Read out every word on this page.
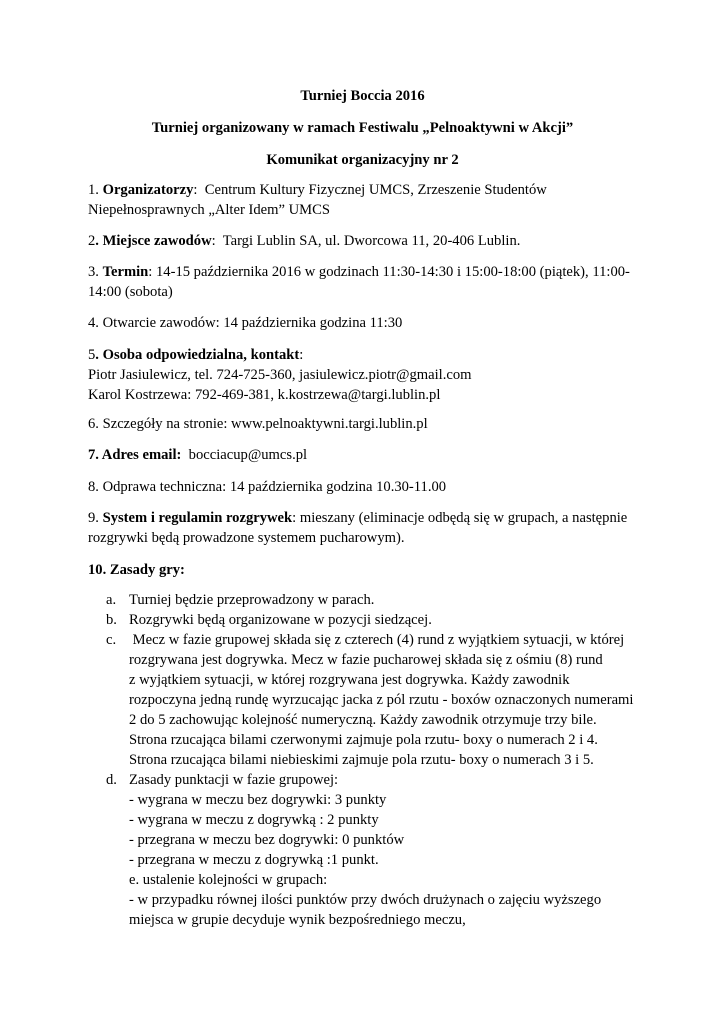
Turniej Boccia 2016
Turniej organizowany w ramach Festiwalu „Pelnoaktywni w Akcji”
Komunikat organizacyjny nr 2

1. Organizatorzy:  Centrum Kultury Fizycznej UMCS, Zrzeszenie Studentów
Niepełnosprawnych „Alter Idem” UMCS

2. Miejsce zawodów:  Targi Lublin SA, ul. Dworcowa 11, 20-406 Lublin.

3. Termin: 14-15 października 2016 w godzinach 11:30-14:30 i 15:00-18:00 (piątek), 11:00-
14:00 (sobota)

4. Otwarcie zawodów: 14 października godzina 11:30

5. Osoba odpowiedzialna, kontakt:
Piotr Jasiulewicz, tel. 724-725-360, jasiulewicz.piotr@gmail.com
Karol Kostrzewa: 792-469-381, k.kostrzewa@targi.lublin.pl

6. Szczegóły na stronie: www.pelnoaktywni.targi.lublin.pl

7. Adres email:  bocciacup@umcs.pl

8. Odprawa techniczna: 14 października godzina 10.30-11.00

9. System i regulamin rozgrywek: mieszany (eliminacje odbędą się w grupach, a następnie
rozgrywki będą prowadzone systemem pucharowym).

10. Zasady gry:

a. Turniej będzie przeprowadzony w parach.
b. Rozgrywki będą organizowane w pozycji siedzącej.
c. Mecz w fazie grupowej składa się z czterech (4) rund z wyjątkiem sytuacji, w której
rozgrywana jest dogrywka. Mecz w fazie pucharowej składa się z ośmiu (8) rund
z wyjątkiem sytuacji, w której rozgrywana jest dogrywka. Każdy zawodnik
rozpoczyna jedną rundę wyrzucając jacka z pól rzutu - boxów oznaczonych numerami
2 do 5 zachowując kolejność numeryczną. Każdy zawodnik otrzymuje trzy bile.
Strona rzucająca bilami czerwonymi zajmuje pola rzutu- boxy o numerach 2 i 4.
Strona rzucająca bilami niebieskimi zajmuje pola rzutu- boxy o numerach 3 i 5.
d. Zasady punktacji w fazie grupowej:
- wygrana w meczu bez dogrywki: 3 punkty
- wygrana w meczu z dogrywką : 2 punkty
- przegrana w meczu bez dogrywki: 0 punktów
- przegrana w meczu z dogrywką :1 punkt.
e. ustalenie kolejności w grupach:
- w przypadku równej ilości punktów przy dwóch drużynach o zajęciu wyższego
miejsca w grupie decyduje wynik bezpośredniego meczu,
